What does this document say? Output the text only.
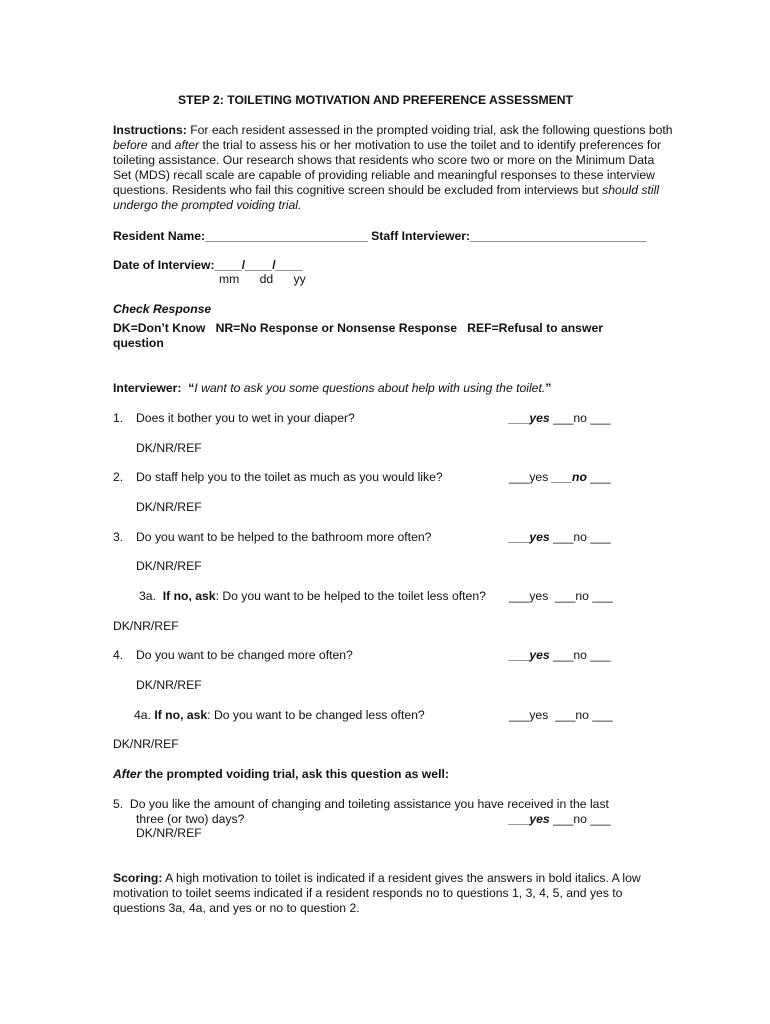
STEP 2: TOILETING MOTIVATION AND PREFERENCE ASSESSMENT
Instructions: For each resident assessed in the prompted voiding trial, ask the following questions both before and after the trial to assess his or her motivation to use the toilet and to identify preferences for toileting assistance. Our research shows that residents who score two or more on the Minimum Data Set (MDS) recall scale are capable of providing reliable and meaningful responses to these interview questions. Residents who fail this cognitive screen should be excluded from interviews but should still undergo the prompted voiding trial.
Resident Name:________________________ Staff Interviewer:__________________________
Date of Interview:____/____/____
mm      dd      yy
Check Response
DK=Don’t Know   NR=No Response or Nonsense Response   REF=Refusal to answer
question
Interviewer:  “I want to ask you some questions about help with using the toilet.”
1. Does it bother you to wet in your diaper?	___yes ___no ___
DK/NR/REF
2. Do staff help you to the toilet as much as you would like?	___yes ___no ___
DK/NR/REF
3. Do you want to be helped to the bathroom more often?	___yes ___no ___
DK/NR/REF
3a. If no, ask: Do you want to be helped to the toilet less often? ___yes  ___no ___
DK/NR/REF
4. Do you want to be changed more often?	___yes ___no ___
DK/NR/REF
4a. If no, ask: Do you want to be changed less often?	___yes  ___no ___
DK/NR/REF
After the prompted voiding trial, ask this question as well:
5.  Do you like the amount of changing and toileting assistance you have received in the last
three (or two) days?	___yes ___no ___
DK/NR/REF
Scoring: A high motivation to toilet is indicated if a resident gives the answers in bold italics. A low motivation to toilet seems indicated if a resident responds no to questions 1, 3, 4, 5, and yes to questions 3a, 4a, and yes or no to question 2.
